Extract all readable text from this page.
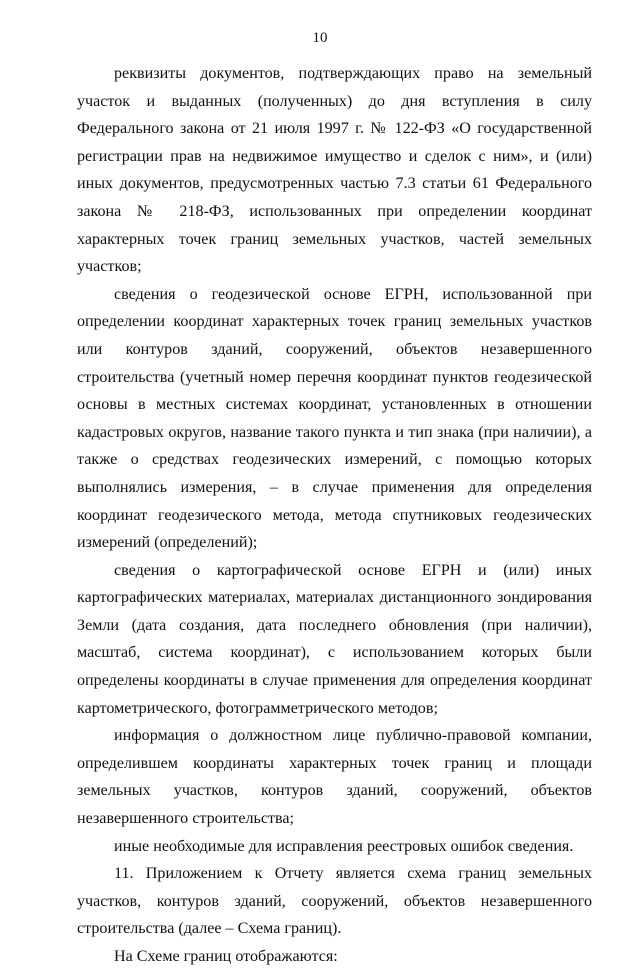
10

реквизиты документов, подтверждающих право на земельный участок и выданных (полученных) до дня вступления в силу Федерального закона от 21 июля 1997 г. № 122-ФЗ «О государственной регистрации прав на недвижимое имущество и сделок с ним», и (или) иных документов, предусмотренных частью 7.3 статьи 61 Федерального закона № 218-ФЗ, использованных при определении координат характерных точек границ земельных участков, частей земельных участков;

сведения о геодезической основе ЕГРН, использованной при определении координат характерных точек границ земельных участков или контуров зданий, сооружений, объектов незавершенного строительства (учетный номер перечня координат пунктов геодезической основы в местных системах координат, установленных в отношении кадастровых округов, название такого пункта и тип знака (при наличии), а также о средствах геодезических измерений, с помощью которых выполнялись измерения, – в случае применения для определения координат геодезического метода, метода спутниковых геодезических измерений (определений);

сведения о картографической основе ЕГРН и (или) иных картографических материалах, материалах дистанционного зондирования Земли (дата создания, дата последнего обновления (при наличии), масштаб, система координат), с использованием которых были определены координаты в случае применения для определения координат картометрического, фотограмметрического методов;

информация о должностном лице публично-правовой компании, определившем координаты характерных точек границ и площади земельных участков, контуров зданий, сооружений, объектов незавершенного строительства;

иные необходимые для исправления реестровых ошибок сведения.

11. Приложением к Отчету является схема границ земельных участков, контуров зданий, сооружений, объектов незавершенного строительства (далее – Схема границ).

На Схеме границ отображаются:
